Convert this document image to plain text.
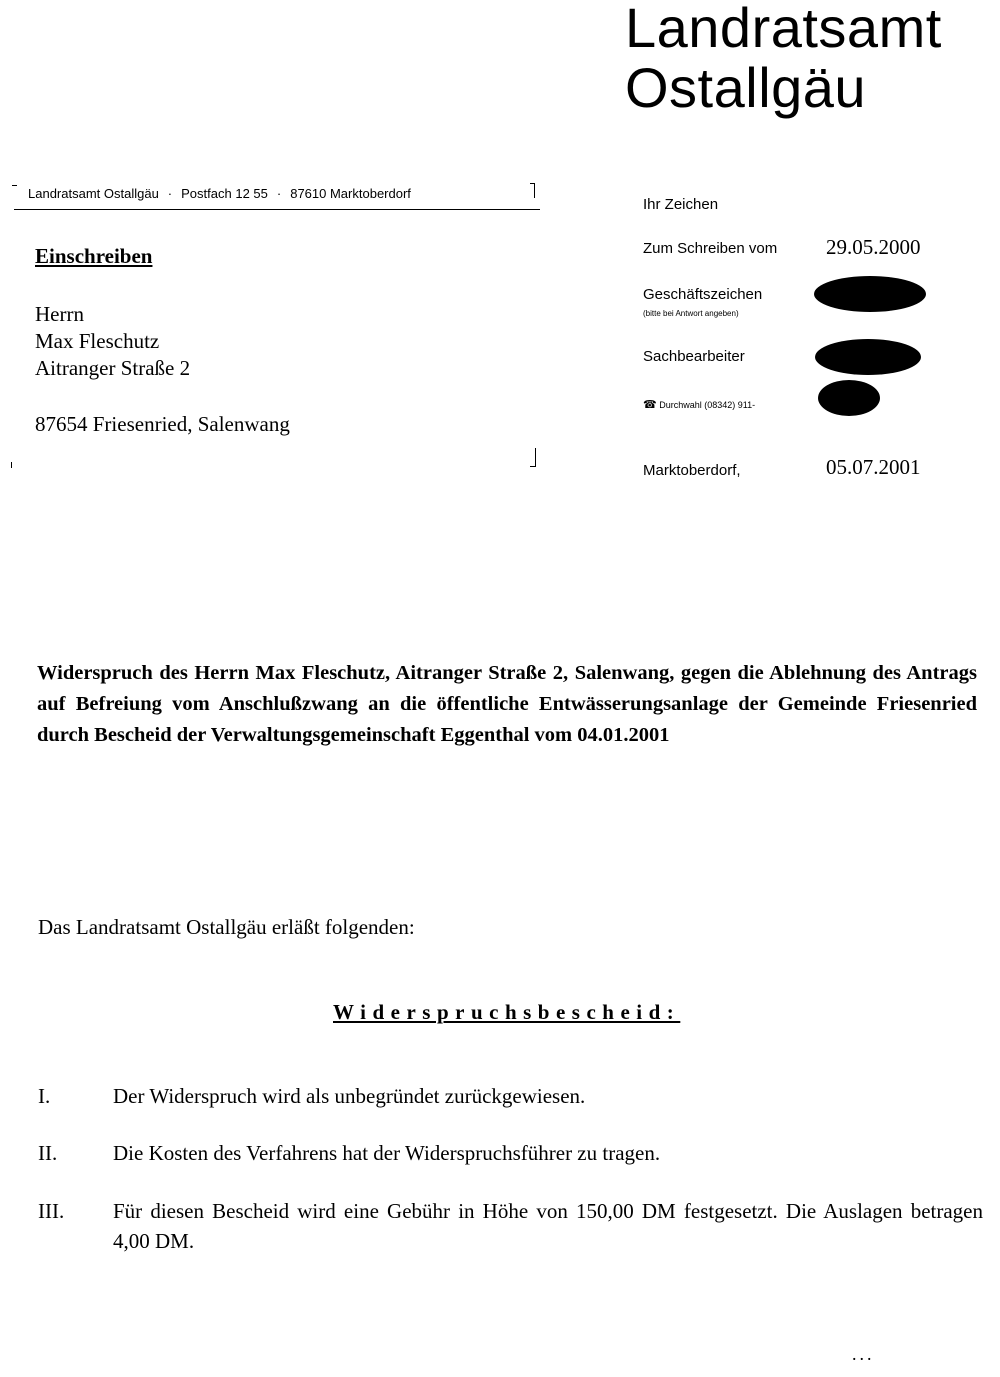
Landratsamt
Ostallgäu
Landratsamt Ostallgäu · Postfach 12 55 · 87610 Marktoberdorf
Einschreiben
Herrn
Max Fleschutz
Aitranger Straße 2
87654 Friesenried, Salenwang
Ihr Zeichen
Zum Schreiben vom 29.05.2000
Geschäftszeichen
(bitte bei Antwort angeben)
Sachbearbeiter
☎ Durchwahl (08342) 911-
Marktoberdorf,	05.07.2001
Widerspruch des Herrn Max Fleschutz, Aitranger Straße 2, Salenwang, gegen die Ablehnung des Antrags auf Befreiung vom Anschlußzwang an die öffentliche Entwässerungsanlage der Gemeinde Friesenried durch Bescheid der Verwaltungsgemeinschaft Eggenthal vom 04.01.2001
Das Landratsamt Ostallgäu erläßt folgenden:
Widerspruchsbescheid:
I.	Der Widerspruch wird als unbegründet zurückgewiesen.
II.	Die Kosten des Verfahrens hat der Widerspruchsführer zu tragen.
III. Für diesen Bescheid wird eine Gebühr in Höhe von 150,00 DM festgesetzt. Die Auslagen betragen 4,00 DM.
...
